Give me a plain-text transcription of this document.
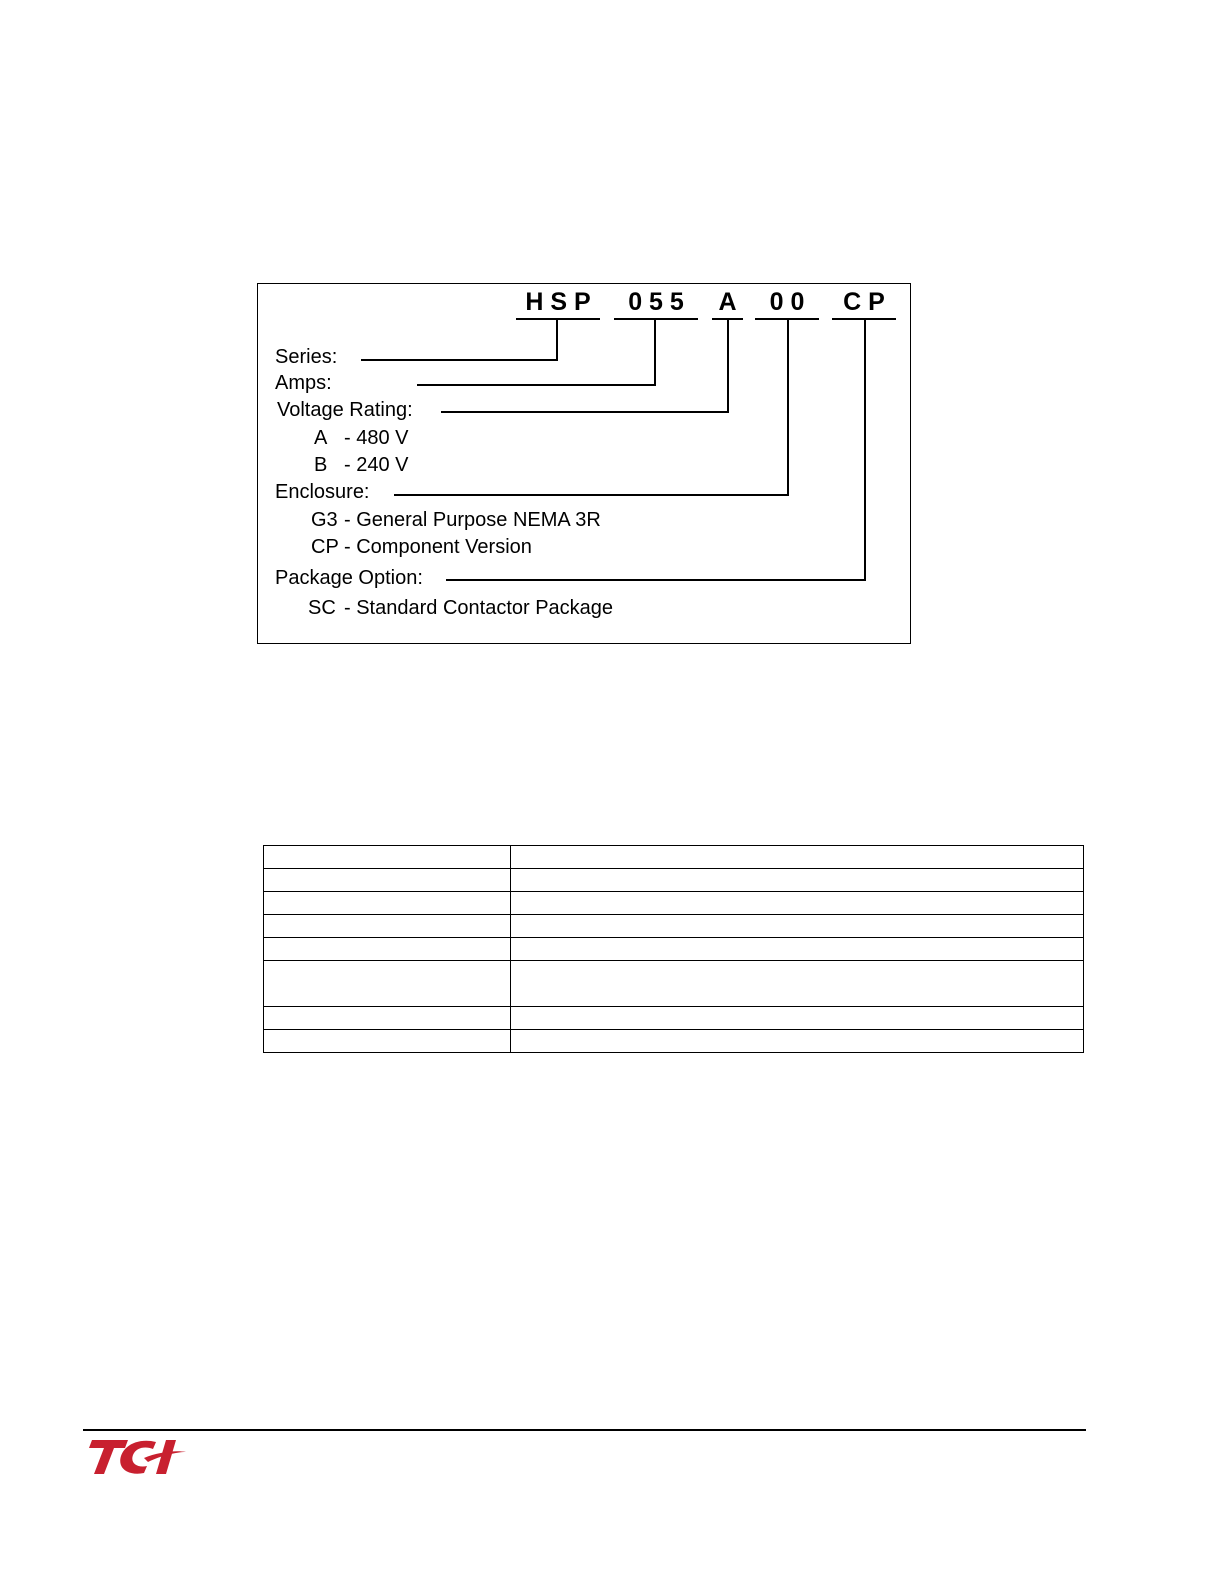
H S P	0 5 5	A	0 0	C P
Series:
Amps:
Voltage Rating:
A - 480 V
B - 240 V
Enclosure:
G3 - General Purpose NEMA 3R
CP - Component Version
Package Option:
SC - Standard Contactor Package
